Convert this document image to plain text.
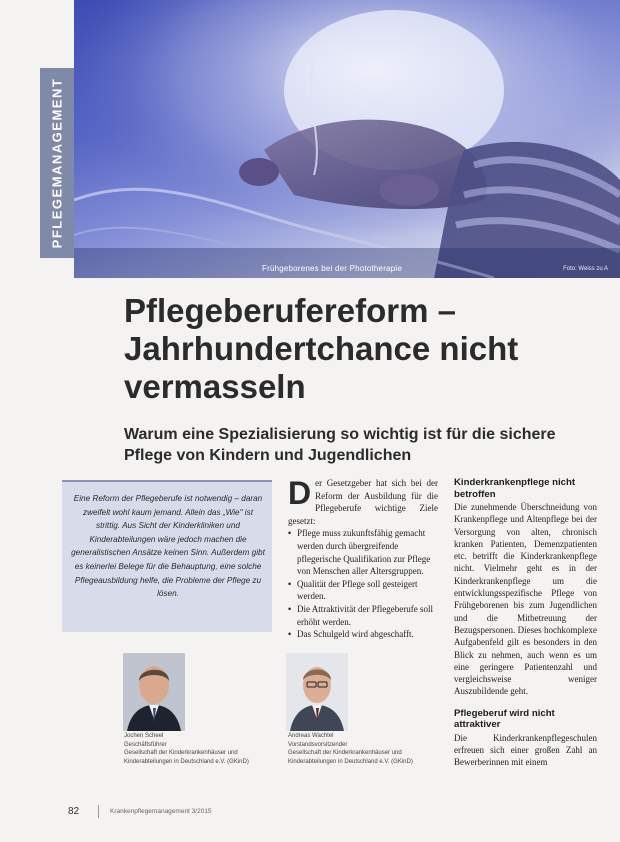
Frühgeborenes bei der Phototherapie	Foto: Weiss zu A
PFLEGEMANAGEMENT
Pflegeberufereform – Jahrhundertchance nicht vermasseln
Warum eine Spezialisierung so wichtig ist für die sichere Pflege von Kindern und Jugendlichen
Eine Reform der Pflegeberufe ist notwendig – daran zweifelt wohl kaum jemand. Allein das „Wie" ist strittig. Aus Sicht der Kinderkliniken und Kinderabteilungen wäre jedoch machen die generalistischen Ansätze keinen Sinn. Außerdem gibt es keinerlei Belege für die Behauptung, eine solche Pflegeausbildung helfe, die Probleme der Pflege zu lösen.
Jochen Scheel
Geschäftsführer
Gesellschaft der Kinderkrankenhäuser und Kinderabteilungen in Deutschland e.V. (GKinD)
Andreas Wachtel
Vorstandsvorsitzender
Gesellschaft der Kinderkrankenhäuser und Kinderabteilungen in Deutschland e.V. (GKinD)
D er Gesetzgeber hat sich bei der Reform der Ausbildung für die Pflegeberufe wichtige Ziele gesetzt:
• Pflege muss zukunftsfähig gemacht werden durch übergreifende pflegerische Qualifikation zur Pflege von Menschen aller Altersgruppen.
• Qualität der Pflege soll gesteigert werden.
• Die Attraktivität der Pflegeberufe soll erhöht werden.
• Das Schulgeld wird abgeschafft.
Kinderkrankenpflege nicht betroffen

Die zunehmende Überschneidung von Krankenpflege und Altenpflege bei der Versorgung von alten, chronisch kranken Patienten, Demenzpatienten etc. betrifft die Kinderkrankenpflege nicht. Vielmehr geht es in der Kinderkrankenpflege um die entwicklungsspezifische Pflege von Frühgeborenen bis zum Jugendlichen und die Mitbetreuung der Bezugspersonen. Dieses hochkomplexe Aufgabenfeld gilt es besonders in den Blick zu nehmen, auch wenn es um eine geringere Patientenzahl und vergleichsweise weniger Auszubildende geht.

Pflegeberuf wird nicht attraktiver

Die Kinderkrankenpflegeschulen erfreuen sich einer großen Zahl an Bewerberinnen mit einem

82	Krankenpflegemanagement 3/2015
